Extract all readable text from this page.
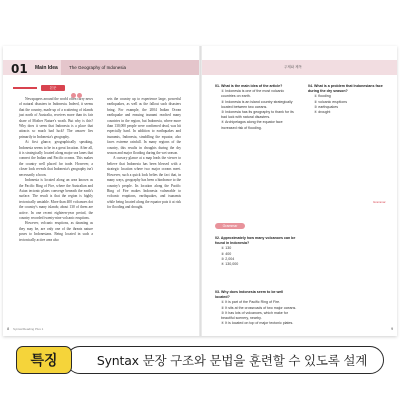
01 Main Idea The Geography of Indonesia	주제와 제목
본문

Newspapers around the world often carry news of natural disasters in Indonesia. Indeed, it seems that the country, made up of a scattering of islands just north of Australia, receives more than its fair share of Mother Nature's wrath. But why is this? Why does it seem that Indonesia is a place that attracts so much bad luck? The answer lies primarily in Indonesia's geography.

At first glance, geographically speaking, Indonesia seems to be in a great location. After all, it is strategically located along major sea lanes that connect the Indian and Pacific oceans. This makes the country well placed for trade. However, a closer look reveals that Indonesia's geography isn't necessarily a boon.

Indonesia is located along an area known as the Pacific Ring of Fire, where the Australian and Asian tectonic plates converge beneath the earth's surface. The result is that the region is highly tectonically unstable. More than 400 volcanoes dot the country's many islands; about 130 of them are active. In one recent eighteen-year period, the country recorded twenty-nine volcanic eruptions.

However, volcanic eruptions, as daunting as they may be, are only one of the threats nature poses to Indonesians. Being located in such a tectonically active area also

sets the country up to experience large, powerful earthquakes, as well as the fallout such disasters bring. For example, the 2004 Indian Ocean earthquake and ensuing tsunami reached many countries in the region, but Indonesia, where more than 130,000 people were confirmed dead, was hit especially hard. In addition to earthquakes and tsunamis, Indonesia, straddling the equator, also faces extreme rainfall. In many regions of the country, this results in droughts during the dry season and major flooding during the wet season.

A cursory glance at a map leads the viewer to believe that Indonesia has been blessed with a strategic location where two major oceans meet. However, such a quick look belies the fact that, in many ways, geography has been a hindrance to the country's people. Its location along the Pacific Ring of Fire makes Indonesia vulnerable to volcanic eruptions, earthquakes, and tsunamis while being located along the equator puts it at risk for flooding and drought.

01. What is the main idea of the article?
① Indonesia is one of the most volcanic countries on earth.
② Indonesia is an island country strategically located between two oceans.
③ Indonesia has its geography to thank for its bad luck with natural disasters.
④ Archipelagos along the equator face increased risk of flooding.
04. What is a problem that Indonesians face during the dry season?
① flooding
② volcanic eruptions
③ earthquakes
④ drought
Grammar
Grammar
02. Approximately how many volcanoes can be found in Indonesia?
① 130
② 400
③ 2,004
④ 130,000
03. Why does Indonesia seem to be well located?
① It is part of the Pacific Ring of Fire.
② It sits at the crossroads of two major oceans.
③ It has lots of volcanoes, which make for beautiful scenery, nearby.
④ It is located on top of major tectonic plates.
8 Syntax/Reading Plus 1	9
Syntax 문장 구조와 문법을 훈련할 수 있도록 설계
특징
